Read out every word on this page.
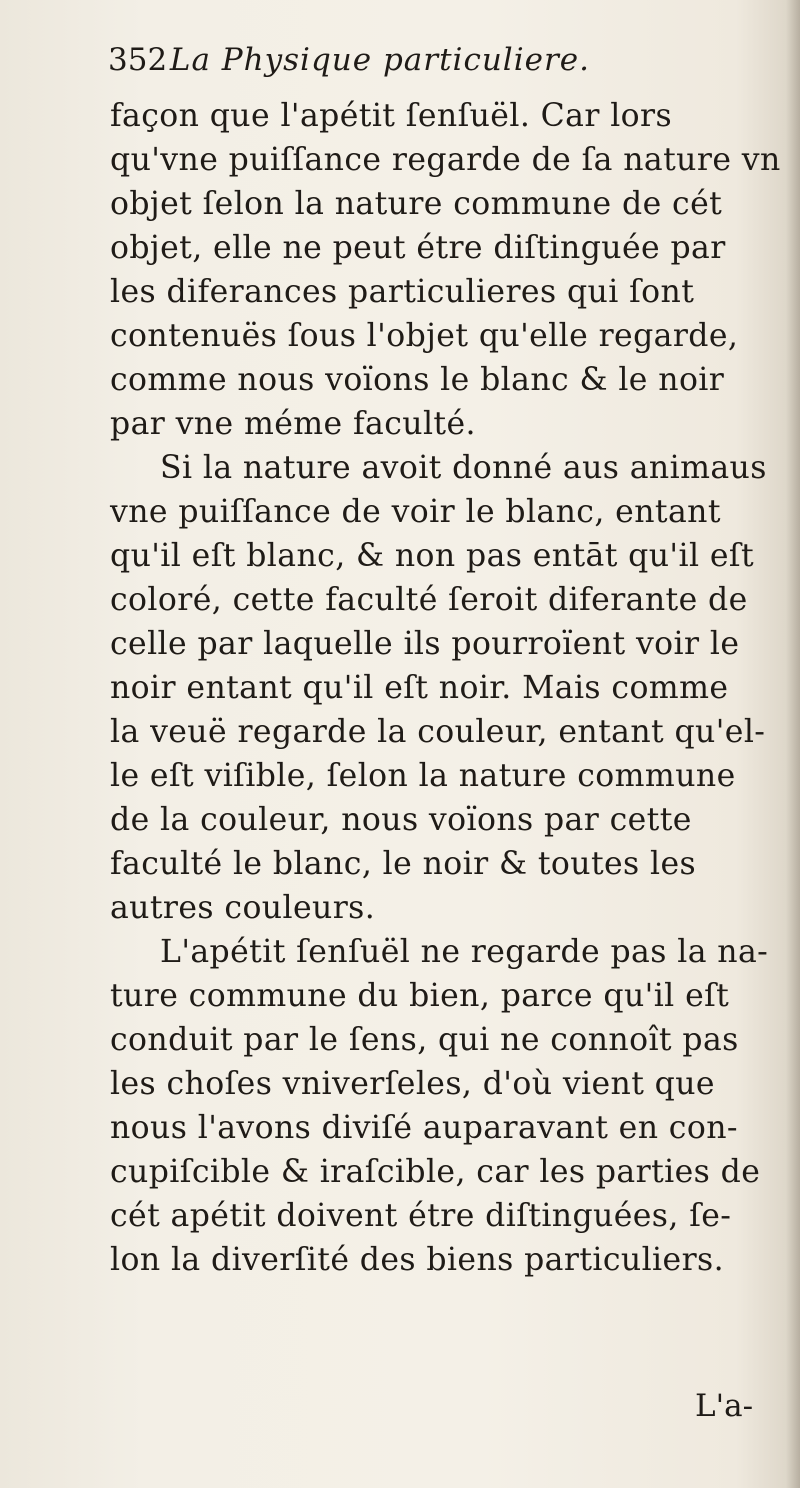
352 La Physique particuliere.
façon que l'apétit ſenſuël. Car lors
qu'vne puiſſance regarde de ſa nature vn
objet ſelon la nature commune de cét
objet, elle ne peut étre diſtinguée par
les diferances particulieres qui ſont
contenuës ſous l'objet qu'elle regarde,
comme nous voïons le blanc & le noir
par vne méme faculté.
Si la nature avoit donné aus animaus
vne puiſſance de voir le blanc, entant
qu'il eſt blanc, & non pas entāt qu'il eſt
coloré, cette faculté ſeroit diferante de
celle par laquelle ils pourroïent voir le
noir entant qu'il eſt noir. Mais comme
la veuë regarde la couleur, entant qu'el-
le eſt viſible, ſelon la nature commune
de la couleur, nous voïons par cette
faculté le blanc, le noir & toutes les
autres couleurs.
L'apétit ſenſuël ne regarde pas la na-
ture commune du bien, parce qu'il eſt
conduit par le ſens, qui ne connoît pas
les choſes vniverſeles, d'où vient que
nous l'avons diviſé auparavant en con-
cupiſcible & iraſcible, car les parties de
cét apétit doivent étre diſtinguées, ſe-
lon la diverſité des biens particuliers.
L'a-
